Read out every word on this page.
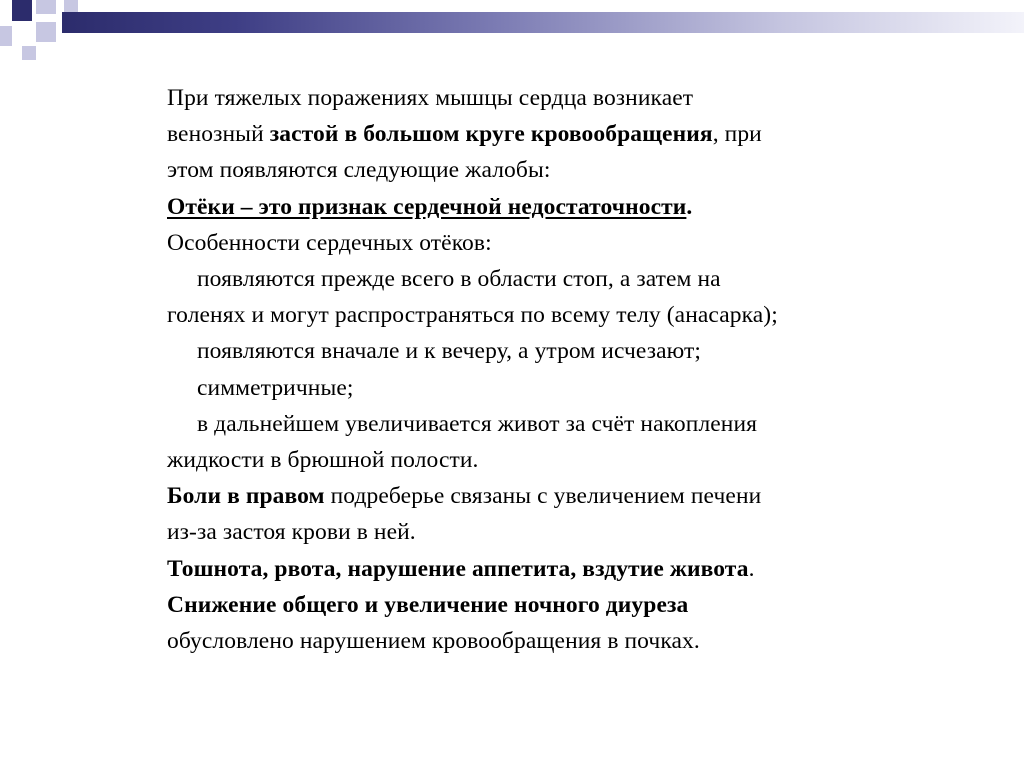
При тяжелых поражениях мышцы сердца возникает
венозный застой в большом круге кровообращения, при
этом появляются следующие жалобы:
Отёки – это признак сердечной недостаточности.
Особенности сердечных отёков:
появляются прежде всего в области стоп, а затем на
голенях и могут распространяться по всему телу (анасарка);
появляются вначале и к вечеру, а утром исчезают;
симметричные;
в дальнейшем увеличивается живот за счёт накопления
жидкости в брюшной полости.
Боли в правом подреберье связаны с увеличением печени
из-за застоя крови в ней.
Тошнота, рвота, нарушение аппетита, вздутие живота.
Снижение общего и увеличение ночного диуреза
обусловлено нарушением кровообращения в почках.
